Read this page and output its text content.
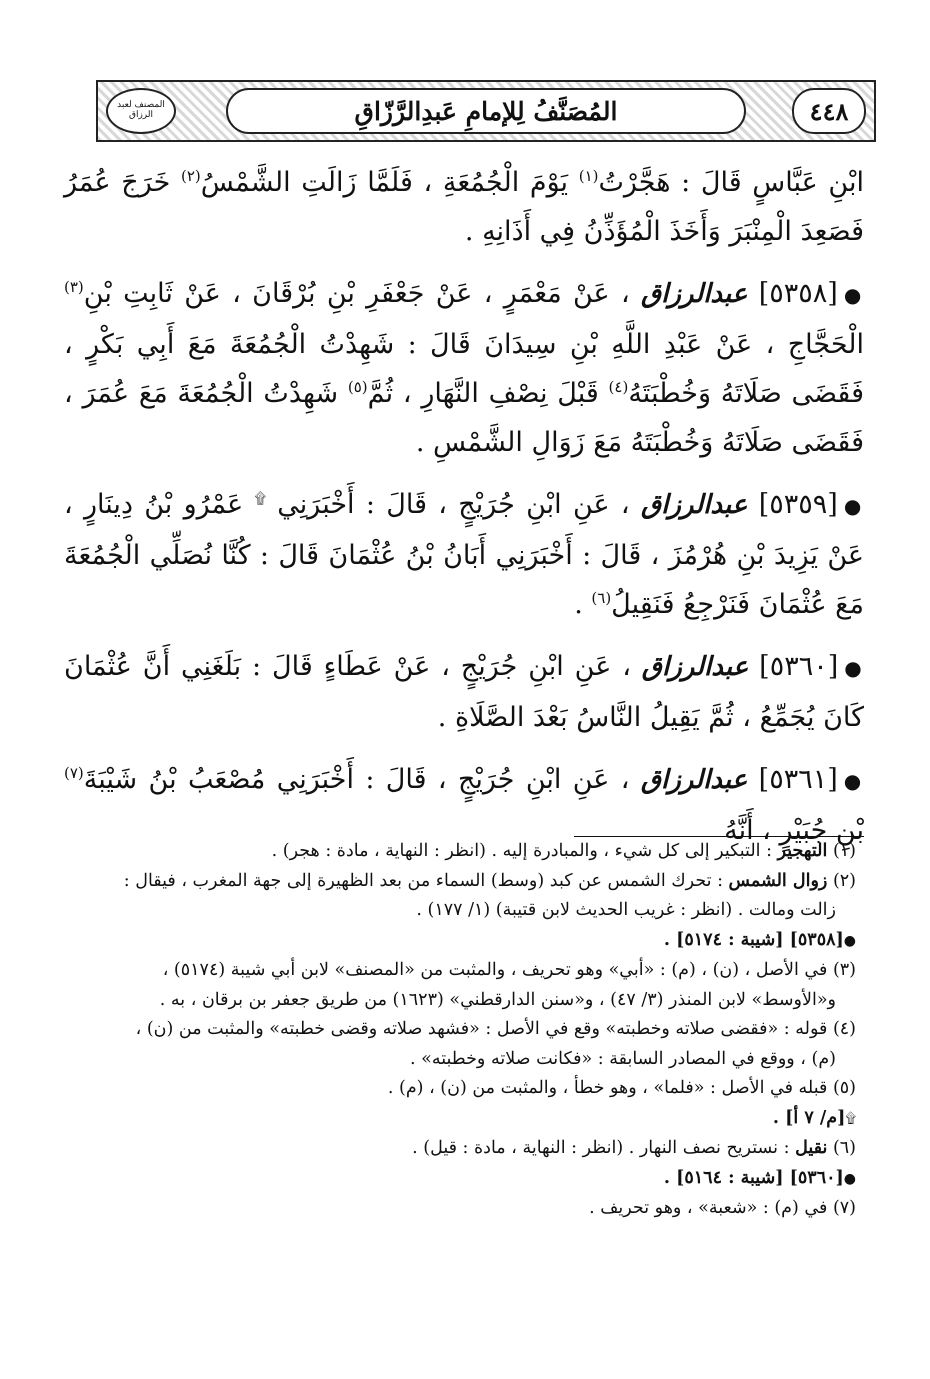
٤٤٨
المُصَنَّفُ لِلإمامِ عَبدِالرَّزّاقِ
المصنف لعبد الرزاق

ابْنِ عَبَّاسٍ قَالَ : هَجَّرْتُ$^{(١)}$ يَوْمَ الْجُمُعَةِ ، فَلَمَّا زَالَتِ الشَّمْسُ$^{(٢)}$ خَرَجَ عُمَرُ فَصَعِدَ الْمِنْبَرَ وَأَخَذَ الْمُؤَذِّنُ فِي أَذَانِهِ .

●[٥٣٥٨] عبدالرزاق ، عَنْ مَعْمَرٍ ، عَنْ جَعْفَرِ بْنِ بُرْقَانَ ، عَنْ ثَابِتِ بْنِ$^{(٣)}$ الْحَجَّاجِ ، عَنْ عَبْدِ اللَّهِ بْنِ سِيدَانَ قَالَ : شَهِدْتُ الْجُمُعَةَ مَعَ أَبِي بَكْرٍ ، فَقَضَى صَلَاتَهُ وَخُطْبَتَهُ$^{(٤)}$ قَبْلَ نِصْفِ النَّهَارِ ، ثُمَّ$^{(٥)}$ شَهِدْتُ الْجُمُعَةَ مَعَ عُمَرَ ، فَقَضَى صَلَاتَهُ وَخُطْبَتَهُ مَعَ زَوَالِ الشَّمْسِ .

●[٥٣٥٩] عبدالرزاق ، عَنِ ابْنِ جُرَيْجٍ ، قَالَ : أَخْبَرَنِي ۩ عَمْرُو بْنُ دِينَارٍ ، عَنْ يَزِيدَ بْنِ هُرْمُزَ ، قَالَ : أَخْبَرَنِي أَبَانُ بْنُ عُثْمَانَ قَالَ : كُنَّا نُصَلِّي الْجُمُعَةَ مَعَ عُثْمَانَ فَنَرْجِعُ فَنَقِيلُ$^{(٦)}$ .

●[٥٣٦٠] عبدالرزاق ، عَنِ ابْنِ جُرَيْجٍ ، عَنْ عَطَاءٍ قَالَ : بَلَغَنِي أَنَّ عُثْمَانَ كَانَ يُجَمِّعُ ، ثُمَّ يَقِيلُ النَّاسُ بَعْدَ الصَّلَاةِ .

●[٥٣٦١] عبدالرزاق ، عَنِ ابْنِ جُرَيْجٍ ، قَالَ : أَخْبَرَنِي مُصْعَبُ بْنُ شَيْبَةَ$^{(٧)}$ بْنِ جُبَيْرٍ ، أَنَّهُ

(١) التهجير : التبكير إلى كل شيء ، والمبادرة إليه . (انظر : النهاية ، مادة : هجر) .

(٢) زوال الشمس : تحرك الشمس عن كبد (وسط) السماء من بعد الظهيرة إلى جهة المغرب ، فيقال :

زالت ومالت . (انظر : غريب الحديث لابن قتيبة) (١/ ١٧٧) .

●[٥٣٥٨] [شيبة : ٥١٧٤] .

(٣) في الأصل ، (ن) ، (م) : «أبي» وهو تحريف ، والمثبت من «المصنف» لابن أبي شيبة (٥١٧٤) ،

و«الأوسط» لابن المنذر (٣/ ٤٧) ، و«سنن الدارقطني» (١٦٢٣) من طريق جعفر بن برقان ، به .

(٤) قوله : «فقضى صلاته وخطبته» وقع في الأصل : «فشهد صلاته وقضى خطبته» والمثبت من (ن) ،

(م) ، ووقع في المصادر السابقة : «فكانت صلاته وخطبته» .

(٥) قبله في الأصل : «فلما» ، وهو خطأ ، والمثبت من (ن) ، (م) .

۩[م/ ٧ أ] .

(٦) نقيل : نستريح نصف النهار . (انظر : النهاية ، مادة : قيل) .

●[٥٣٦٠] [شيبة : ٥١٦٤] .

(٧) في (م) : «شعبة» ، وهو تحريف .
